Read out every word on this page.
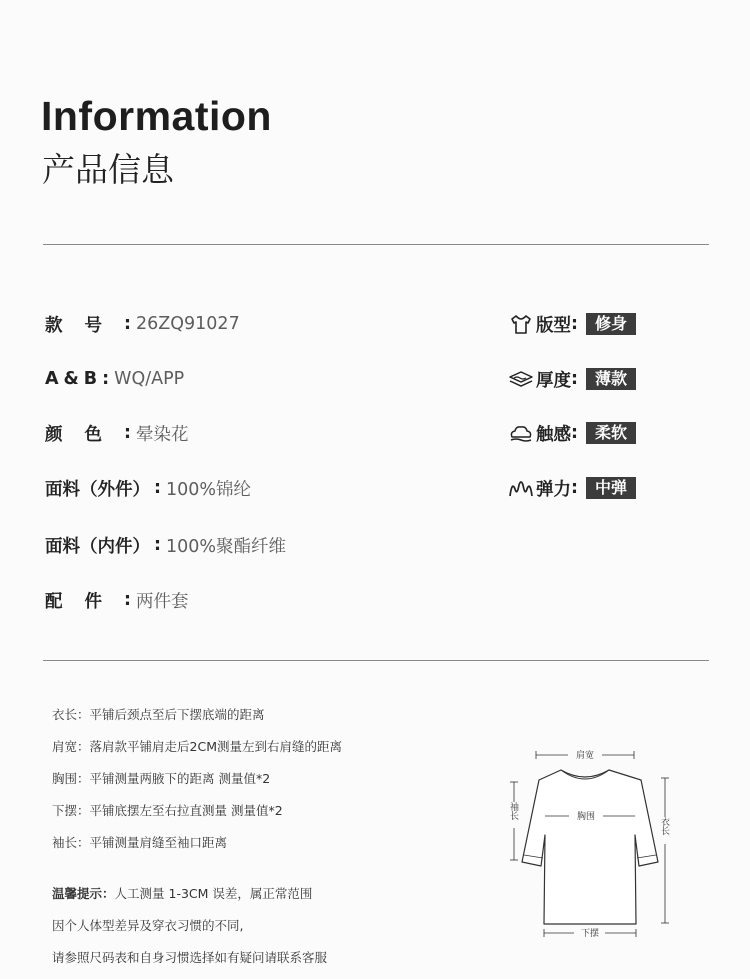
Information
产品信息
款号 : 26ZQ91027
A&B : WQ/APP
颜色 : 晕染花
面料（外件） : 100%锦纶
面料（内件） : 100%聚酯纤维
配件 : 两件套
版型 :	修身
厚度 :	薄款
触感 :	柔软
弹力 :	中弹
衣长：平铺后颈点至后下摆底端的距离
肩宽：落肩款平铺肩走后2CM测量左到右肩缝的距离
胸围：平铺测量两腋下的距离 测量值*2
下摆：平铺底摆左至右拉直测量 测量值*2
袖长：平铺测量肩缝至袖口距离
温馨提示：人工测量 1-3CM 误差，属正常范围
因个人体型差异及穿衣习惯的不同,
请参照尺码表和自身习惯选择如有疑问请联系客服
肩宽
胸围
袖长
衣长
下摆
